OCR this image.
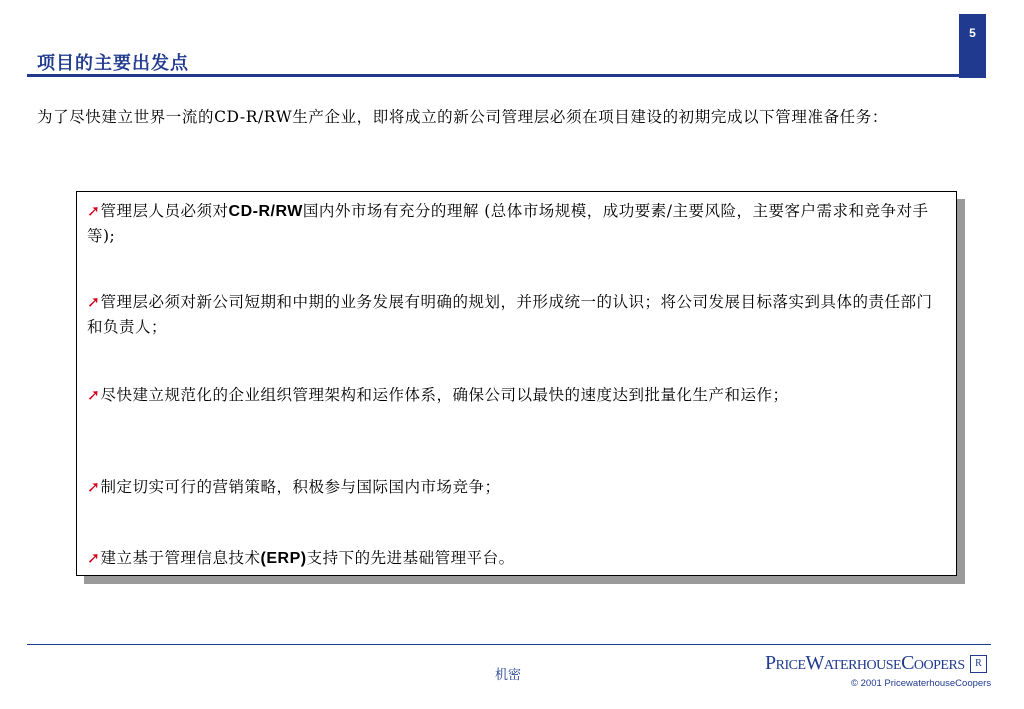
5
项目的主要出发点
为了尽快建立世界一流的CD-R/RW生产企业，即将成立的新公司管理层必须在项目建设的初期完成以下管理准备任务：
➚管理层人员必须对CD-R/RW国内外市场有充分的理解 (总体市场规模，成功要素/主要风险，主要客户需求和竞争对手等);
➚管理层必须对新公司短期和中期的业务发展有明确的规划，并形成统一的认识；将公司发展目标落实到具体的责任部门和负责人；
➚尽快建立规范化的企业组织管理架构和运作体系，确保公司以最快的速度达到批量化生产和运作；
➚制定切实可行的营销策略，积极参与国际国内市场竞争；
➚建立基于管理信息技术(ERP)支持下的先进基础管理平台。
机密
PRICEWATERHOUSECOOPERS	R
© 2001 PricewaterhouseCoopers
